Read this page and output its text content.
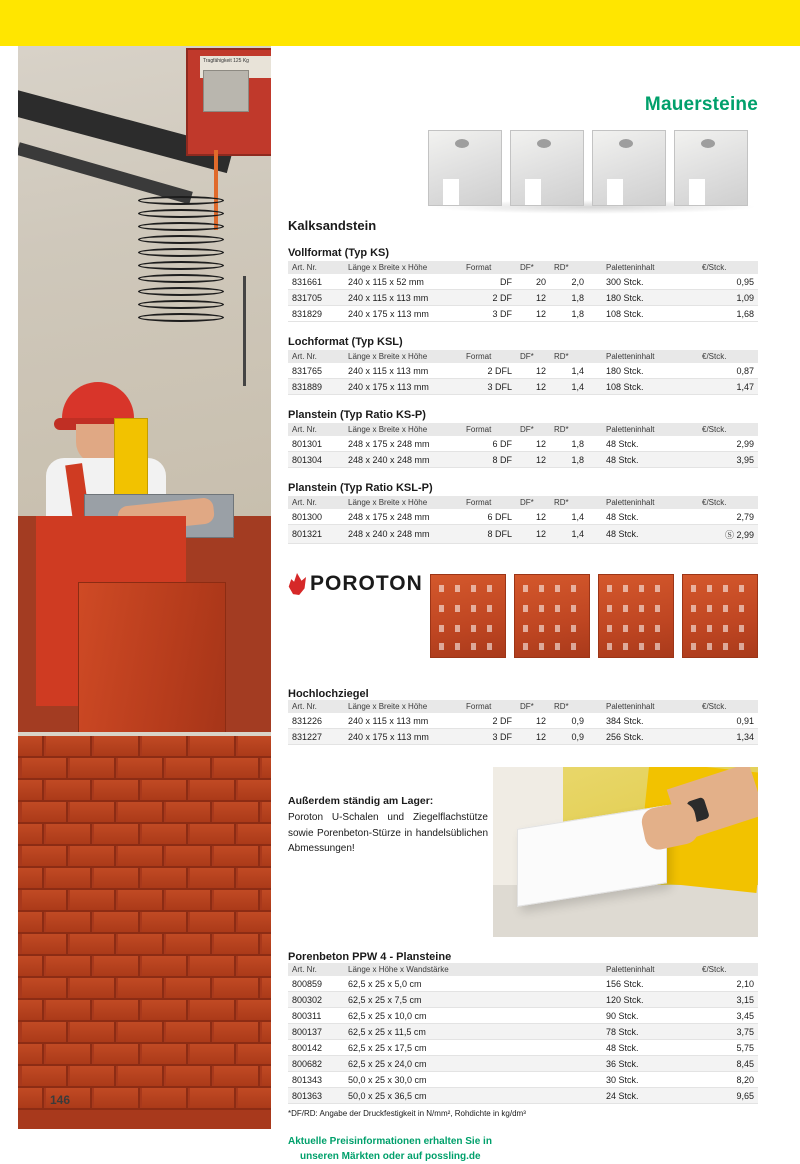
Tragfähigkeit 125 Kg
146
Mauersteine
Kalksandstein
Vollformat (Typ KS)
Art. Nr.	Länge x Breite x Höhe	Format	DF*	RD*	Paletteninhalt	€/Stck.
831661	240 x 115 x 52 mm	DF	20	2,0	300 Stck.	0,95
831705	240 x 115 x 113 mm	2 DF	12	1,8	180 Stck.	1,09
831829	240 x 175 x 113 mm	3 DF	12	1,8	108 Stck.	1,68
Lochformat (Typ KSL)
Art. Nr.	Länge x Breite x Höhe	Format	DF*	RD*	Paletteninhalt	€/Stck.
831765	240 x 115 x 113 mm	2 DFL	12	1,4	180 Stck.	0,87
831889	240 x 175 x 113 mm	3 DFL	12	1,4	108 Stck.	1,47
Planstein (Typ Ratio KS-P)
Art. Nr.	Länge x Breite x Höhe	Format	DF*	RD*	Paletteninhalt	€/Stck.
801301	248 x 175 x 248 mm	6 DF	12	1,8	48 Stck.	2,99
801304	248 x 240 x 248 mm	8 DF	12	1,8	48 Stck.	3,95
Planstein (Typ Ratio KSL-P)
Art. Nr.	Länge x Breite x Höhe	Format	DF*	RD*	Paletteninhalt	€/Stck.
801300	248 x 175 x 248 mm	6 DFL	12	1,4	48 Stck.	2,79
801321	248 x 240 x 248 mm	8 DFL	12	1,4	48 Stck.	Ⓢ 2,99
POROTON
Hochlochziegel
Art. Nr.	Länge x Breite x Höhe	Format	DF*	RD*	Paletteninhalt	€/Stck.
831226	240 x 115 x 113 mm	2 DF	12	0,9	384 Stck.	0,91
831227	240 x 175 x 113 mm	3 DF	12	0,9	256 Stck.	1,34
Außerdem ständig am Lager:
Poroton U-Schalen und Ziegelflachstütze sowie Porenbeton-Stürze in handelsüblichen Abmessungen!
Porenbeton PPW 4 - Plansteine
Art. Nr.	Länge x Höhe x Wandstärke	Paletteninhalt	€/Stck.
800859	62,5 x 25 x 5,0 cm	156 Stck.	2,10
800302	62,5 x 25 x 7,5 cm	120 Stck.	3,15
800311	62,5 x 25 x 10,0 cm	90 Stck.	3,45
800137	62,5 x 25 x 11,5 cm	78 Stck.	3,75
800142	62,5 x 25 x 17,5 cm	48 Stck.	5,75
800682	62,5 x 25 x 24,0 cm	36 Stck.	8,45
801343	50,0 x 25 x 30,0 cm	30 Stck.	8,20
801363	50,0 x 25 x 36,5 cm	24 Stck.	9,65
*DF/RD: Angabe der Druckfestigkeit in N/mm², Rohdichte in kg/dm³
Aktuelle Preisinformationen erhalten Sie in
unseren Märkten oder auf possling.de
